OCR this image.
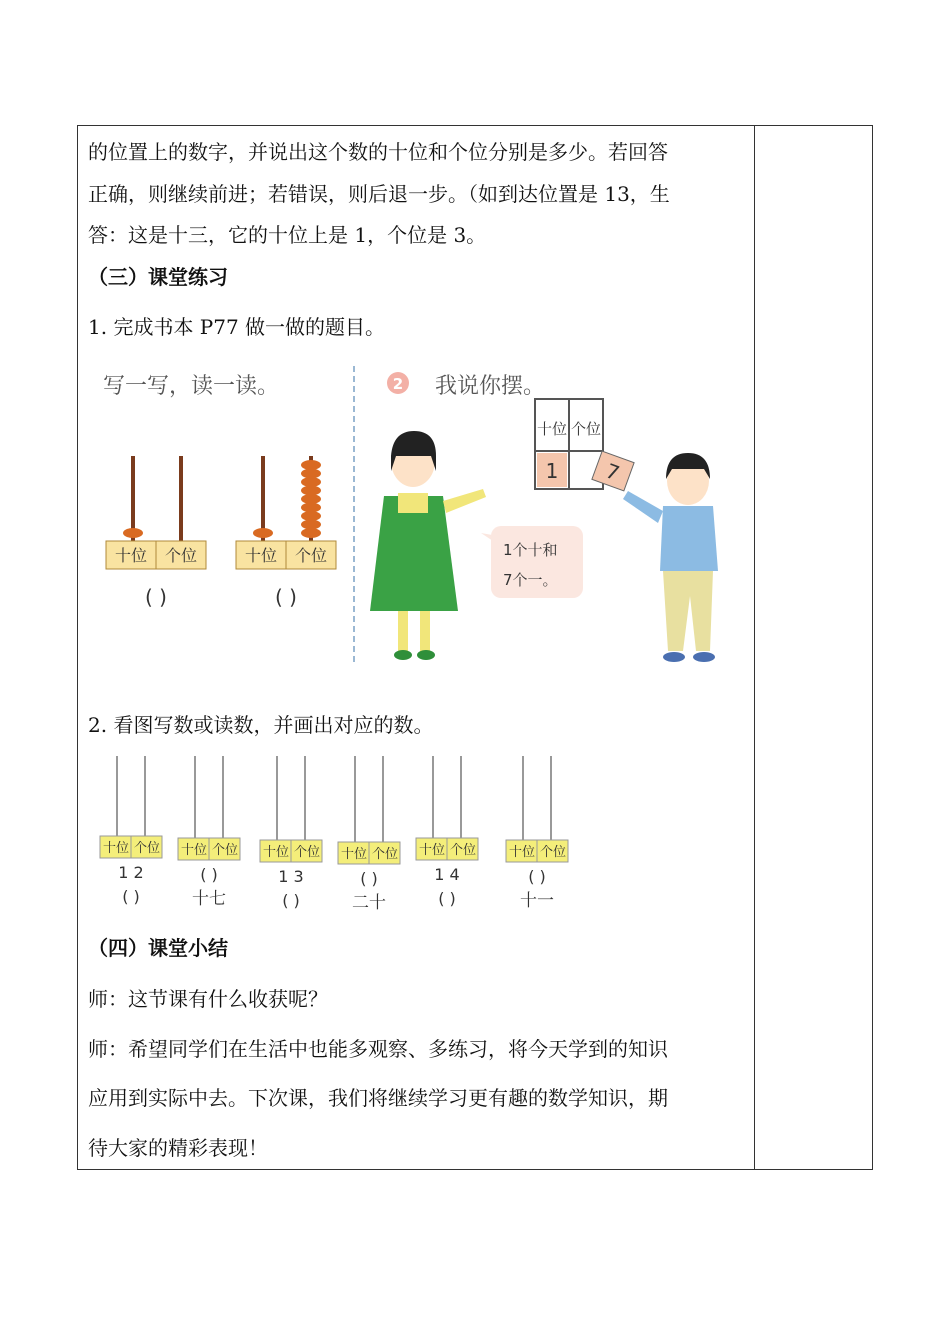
的位置上的数字，并说出这个数的十位和个位分别是多少。若回答
正确，则继续前进；若错误，则后退一步。（如到达位置是 13，生
答：这是十三，它的十位上是 1，个位是 3。
（三）课堂练习
1. 完成书本 P77 做一做的题目。
写一写，读一读。
十位 个位
( )
十位 个位
( )
2 我说你摆。
十位 个位
1 7
1个十和
7个一。
2. 看图写数或读数，并画出对应的数。
十位 个位
1 2
( )
十位 个位
( )
十七
十位 个位
1 3
( )
十位 个位
( )
二十
十位 个位
1 4
( )
十位 个位
( )
十一
（四）课堂小结
师：这节课有什么收获呢？
师：希望同学们在生活中也能多观察、多练习，将今天学到的知识
应用到实际中去。下次课，我们将继续学习更有趣的数学知识，期
待大家的精彩表现！
